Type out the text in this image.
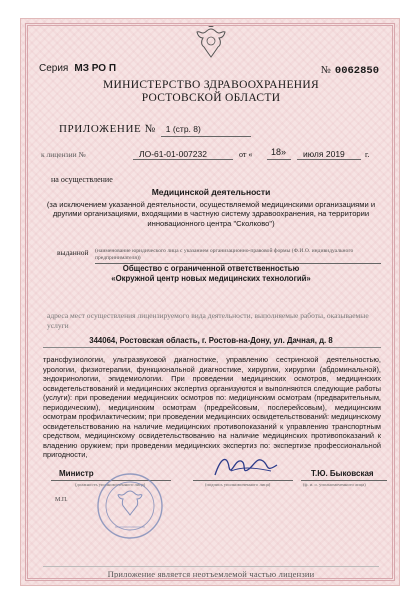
Серия МЗ РО П	№ 0062850
МИНИСТЕРСТВО ЗДРАВООХРАНЕНИЯ
РОСТОВСКОЙ ОБЛАСТИ
ПРИЛОЖЕНИЕ № 1 (стр. 8)
к лицензии №	ЛО-61-01-007232	от « 18» июля 2019	г.
на осуществление
Медицинской деятельности
(за исключением указанной деятельности, осуществляемой медицинскими организациями и другими организациями, входящими в частную систему здравоохранения, на территории инновационного центра "Сколково")
выданной (наименование юридического лица с указанием организационно-правовой формы (Ф.И.О. индивидуального предпринимателя))
Общество с ограниченной ответственностью
«Окружной центр новых медицинских технологий»
адреса мест осуществления лицензируемого вида деятельности, выполняемые работы, оказываемые услуги
344064, Ростовская область, г. Ростов-на-Дону, ул. Дачная, д. 8
трансфузиологии, ультразвуковой диагностике, управлению сестринской деятельностью, урологии, физиотерапии, функциональной диагностике, хирургии, хирургии (абдоминальной), эндокринологии, эпидемиологии. При проведении медицинских осмотров, медицинских освидетельствований и медицинских экспертиз организуются и выполняются следующие работы (услуги): при проведении медицинских осмотров по: медицинским осмотрам (предварительным, периодическим), медицинским осмотрам (предрейсовым, послерейсовым), медицинским осмотрам профилактическим; при проведении медицинских освидетельствований: медицинскому освидетельствованию на наличие медицинских противопоказаний к управлению транспортным средством, медицинскому освидетельствованию на наличие медицинских противопоказаний к владению оружием; при проведении медицинских экспертиз по: экспертизе профессиональной пригодности,
Министр
(должность уполномоченного лица)	(подпись уполномоченного лица)
Т.Ю. Быковская
(ф. и. о. уполномоченного лица)
М.П.
Приложение является неотъемлемой частью лицензии
